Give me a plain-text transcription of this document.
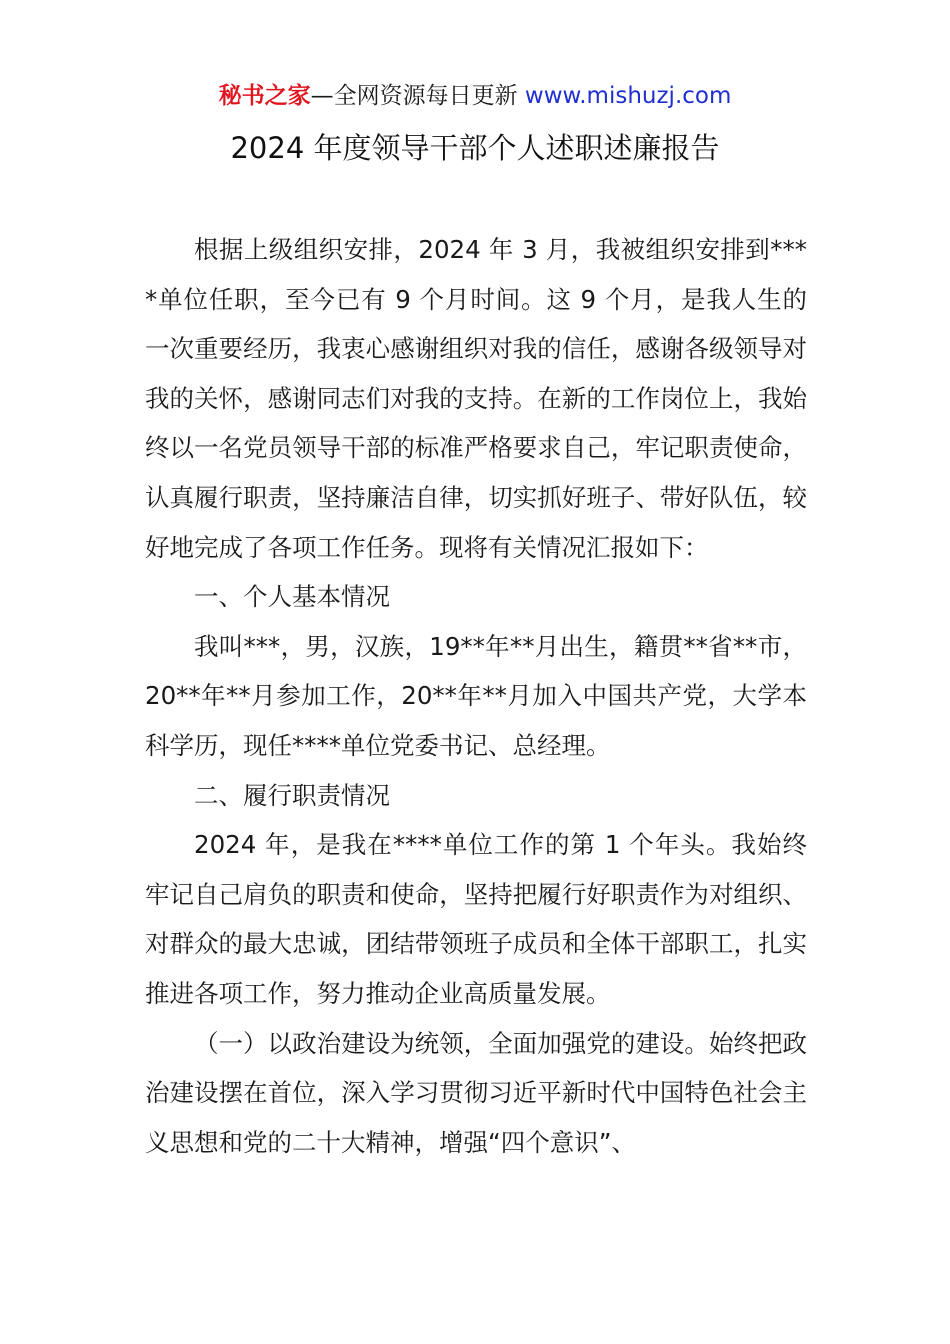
秘书之家—全网资源每日更新 www.mishuzj.com
2024 年度领导干部个人述职述廉报告

根据上级组织安排，2024 年 3 月，我被组织安排到****单位任职，至今已有 9 个月时间。这 9 个月，是我人生的一次重要经历，我衷心感谢组织对我的信任，感谢各级领导对我的关怀，感谢同志们对我的支持。在新的工作岗位上，我始终以一名党员领导干部的标准严格要求自己，牢记职责使命，认真履行职责，坚持廉洁自律，切实抓好班子、带好队伍，较好地完成了各项工作任务。现将有关情况汇报如下：

一、个人基本情况

我叫***，男，汉族，19**年**月出生，籍贯**省**市，20**年**月参加工作，20**年**月加入中国共产党，大学本科学历，现任****单位党委书记、总经理。

二、履行职责情况

2024 年，是我在****单位工作的第 1 个年头。我始终牢记自己肩负的职责和使命，坚持把履行好职责作为对组织、对群众的最大忠诚，团结带领班子成员和全体干部职工，扎实推进各项工作，努力推动企业高质量发展。

（一）以政治建设为统领，全面加强党的建设。始终把政治建设摆在首位，深入学习贯彻习近平新时代中国特色社会主义思想和党的二十大精神，增强“四个意识”、
